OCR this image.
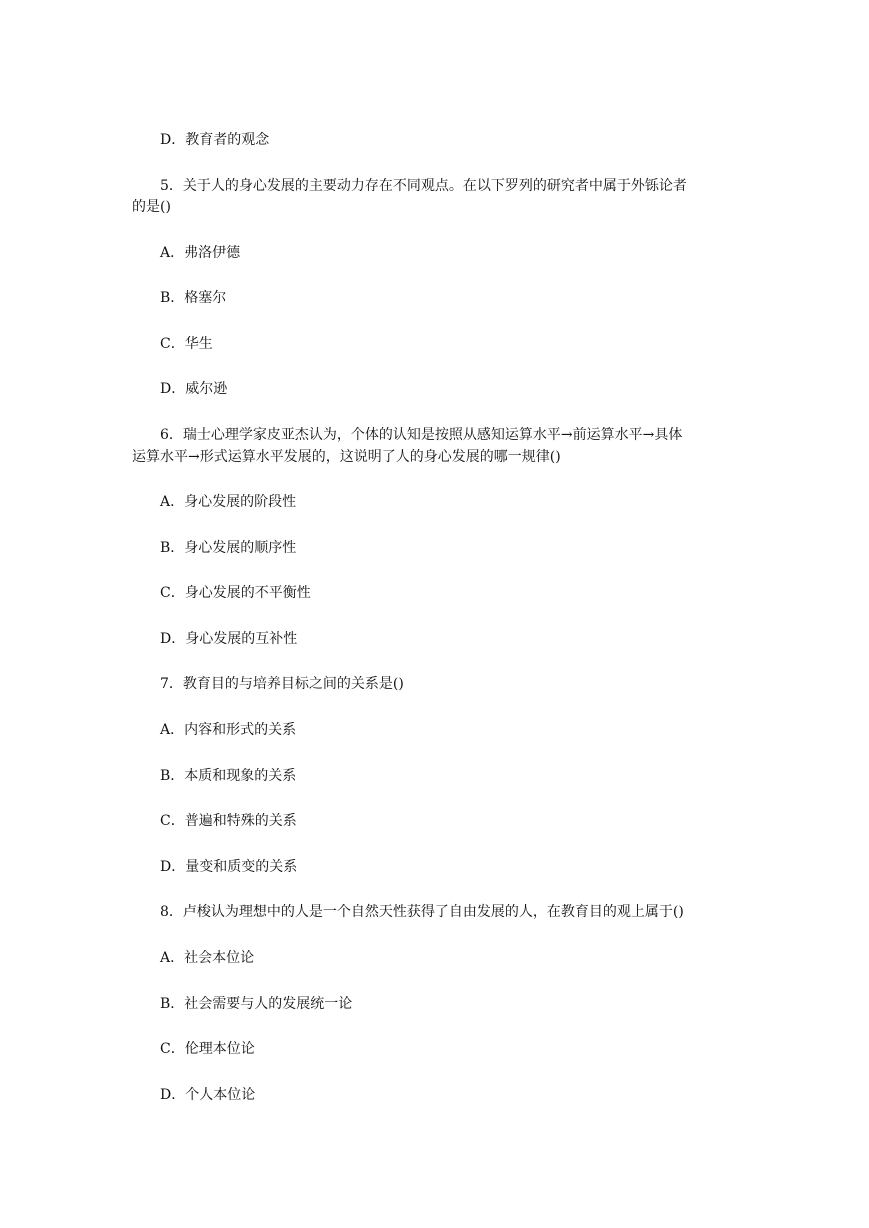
D．教育者的观念
5．关于人的身心发展的主要动力存在不同观点。在以下罗列的研究者中属于外铄论者
的是()
A．弗洛伊德
B．格塞尔
C．华生
D．威尔逊
6．瑞士心理学家皮亚杰认为，个体的认知是按照从感知运算水平→前运算水平→具体
运算水平→形式运算水平发展的，这说明了人的身心发展的哪一规律()
A．身心发展的阶段性
B．身心发展的顺序性
C．身心发展的不平衡性
D．身心发展的互补性
7．教育目的与培养目标之间的关系是()
A．内容和形式的关系
B．本质和现象的关系
C．普遍和特殊的关系
D．量变和质变的关系
8．卢梭认为理想中的人是一个自然天性获得了自由发展的人，在教育目的观上属于()
A．社会本位论
B．社会需要与人的发展统一论
C．伦理本位论
D．个人本位论
